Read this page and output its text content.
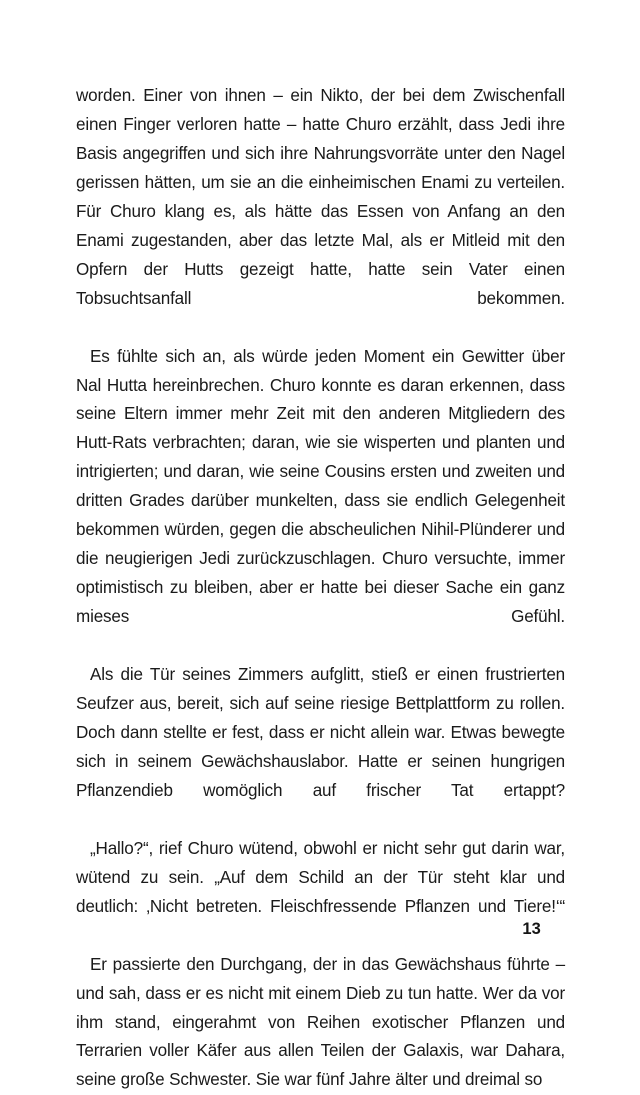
worden. Einer von ihnen – ein Nikto, der bei dem Zwischenfall einen Finger verloren hatte – hatte Churo erzählt, dass Jedi ihre Basis angegriffen und sich ihre Nahrungsvorräte unter den Nagel gerissen hätten, um sie an die einheimischen Enami zu verteilen. Für Churo klang es, als hätte das Essen von Anfang an den Enami zugestanden, aber das letzte Mal, als er Mitleid mit den Opfern der Hutts gezeigt hatte, hatte sein Vater einen Tobsuchtsanfall bekommen.

Es fühlte sich an, als würde jeden Moment ein Gewitter über Nal Hutta hereinbrechen. Churo konnte es daran erkennen, dass seine Eltern immer mehr Zeit mit den anderen Mitgliedern des Hutt-Rats verbrachten; daran, wie sie wisperten und planten und intrigierten; und daran, wie seine Cousins ersten und zweiten und dritten Grades darüber munkelten, dass sie endlich Gelegenheit bekommen würden, gegen die abscheulichen Nihil-Plünderer und die neugierigen Jedi zurückzuschlagen. Churo versuchte, immer optimistisch zu bleiben, aber er hatte bei dieser Sache ein ganz mieses Gefühl.

Als die Tür seines Zimmers aufglitt, stieß er einen frustrierten Seufzer aus, bereit, sich auf seine riesige Bettplattform zu rollen. Doch dann stellte er fest, dass er nicht allein war. Etwas bewegte sich in seinem Gewächshauslabor. Hatte er seinen hungrigen Pflanzendieb womöglich auf frischer Tat ertappt?

„Hallo?“, rief Churo wütend, obwohl er nicht sehr gut darin war, wütend zu sein. „Auf dem Schild an der Tür steht klar und deutlich: ‚Nicht betreten. Fleischfressende Pflanzen und Tiere!‘“

Er passierte den Durchgang, der in das Gewächshaus führte – und sah, dass er es nicht mit einem Dieb zu tun hatte. Wer da vor ihm stand, eingerahmt von Reihen exotischer Pflanzen und Terrarien voller Käfer aus allen Teilen der Galaxis, war Dahara, seine große Schwester. Sie war fünf Jahre älter und dreimal so

13
